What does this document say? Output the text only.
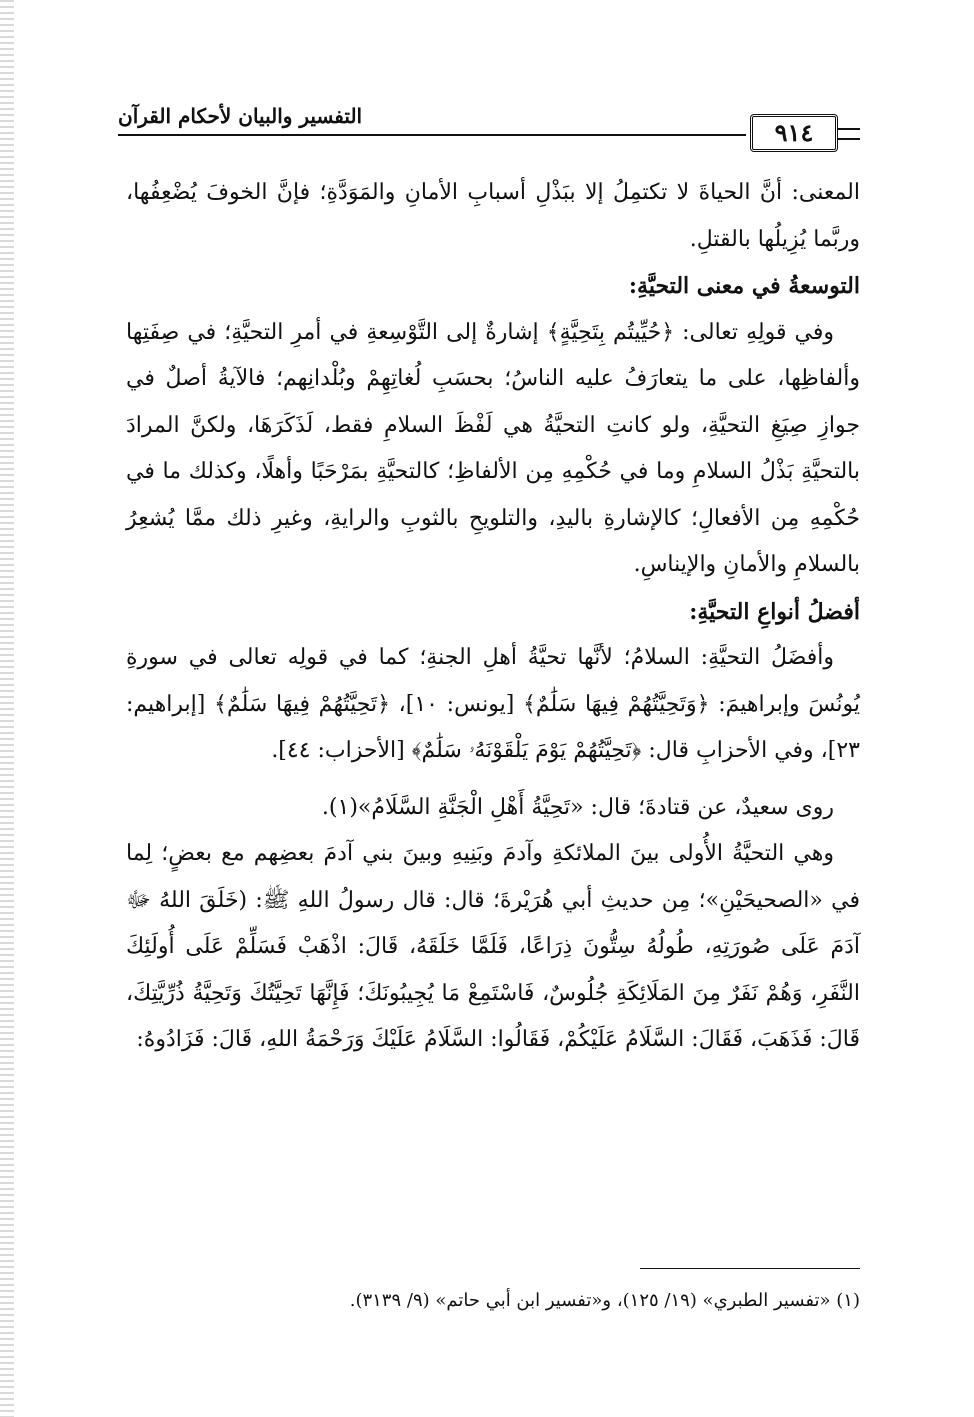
التفسير والبيان لأحكام القرآن
٩١٤

المعنى: أنَّ الحياةَ لا تكتمِلُ إلا ببَذْلِ أسبابِ الأمانِ والمَوَدَّةِ؛ فإنَّ الخوفَ يُضْعِفُها، وربَّما يُزِيلُها بالقتلِ.

التوسعةُ في معنى التحيَّةِ:

وفي قولِهِ تعالى: ﴿حُيِّيتُم بِتَحِيَّةٍ﴾ إشارةٌ إلى التَّوْسِعةِ في أمرِ التحيَّةِ؛ في صِفَتِها وألفاظِها، على ما يتعارَفُ عليه الناسُ؛ بحسَبِ لُغاتِهِمْ وبُلْدانِهم؛ فالآيةُ أصلٌ في جوازِ صِيَغِ التحيَّةِ، ولو كانتِ التحيَّةُ هي لَفْظَ السلامِ فقط، لَذَكَرَهَا، ولكنَّ المرادَ بالتحيَّةِ بَذْلُ السلامِ وما في حُكْمِهِ مِن الألفاظِ؛ كالتحيَّةِ بمَرْحَبًا وأهلًا، وكذلك ما في حُكْمِهِ مِن الأفعالِ؛ كالإشارةِ باليدِ، والتلويحِ بالثوبِ والرايةِ، وغيرِ ذلك ممَّا يُشعِرُ بالسلامِ والأمانِ والإيناسِ.

أفضلُ أنواعِ التحيَّةِ:

وأفضَلُ التحيَّةِ: السلامُ؛ لأنَّها تحيَّةُ أهلِ الجنةِ؛ كما في قولِه تعالى في سورةِ يُونُسَ وإبراهيمَ: ﴿وَتَحِيَّتُهُمْ فِيهَا سَلَٰمٌ﴾ [يونس: ١٠]، ﴿تَحِيَّتُهُمْ فِيهَا سَلَٰمٌ﴾ [إبراهيم: ٢٣]، وفي الأحزابِ قال: ﴿تَحِيَّتُهُمْ يَوْمَ يَلْقَوْنَهُۥ سَلَٰمٌ﴾ [الأحزاب: ٤٤].

روى سعيدٌ، عن قتادةَ؛ قال: «تَحِيَّةُ أَهْلِ الْجَنَّةِ السَّلَامُ»(١).

وهي التحيَّةُ الأُولى بينَ الملائكةِ وآدمَ وبَنِيهِ وبينَ بني آدمَ بعضِهم مع بعضٍ؛ لِما في «الصحيحَيْنِ»؛ مِن حديثِ أبي هُرَيْرةَ؛ قال: قال رسولُ اللهِ ﷺ: (خَلَقَ اللهُ ﷻ آدَمَ عَلَى صُورَتِهِ، طُولُهُ سِتُّونَ ذِرَاعًا، فَلَمَّا خَلَقَهُ، قَالَ: اذْهَبْ فَسَلِّمْ عَلَى أُولَئِكَ النَّفَرِ، وَهُمْ نَفَرٌ مِنَ المَلَائِكَةِ جُلُوسٌ، فَاسْتَمِعْ مَا يُجِيبُونَكَ؛ فَإِنَّهَا تَحِيَّتُكَ وَتَحِيَّةُ ذُرِّيَّتِكَ، قَالَ: فَذَهَبَ، فَقَالَ: السَّلَامُ عَلَيْكُمْ، فَقَالُوا: السَّلَامُ عَلَيْكَ وَرَحْمَةُ اللهِ، قَالَ: فَزَادُوهُ:

(١) «تفسير الطبري» (١٩/ ١٢٥)، و«تفسير ابن أبي حاتم» (٩/ ٣١٣٩).
